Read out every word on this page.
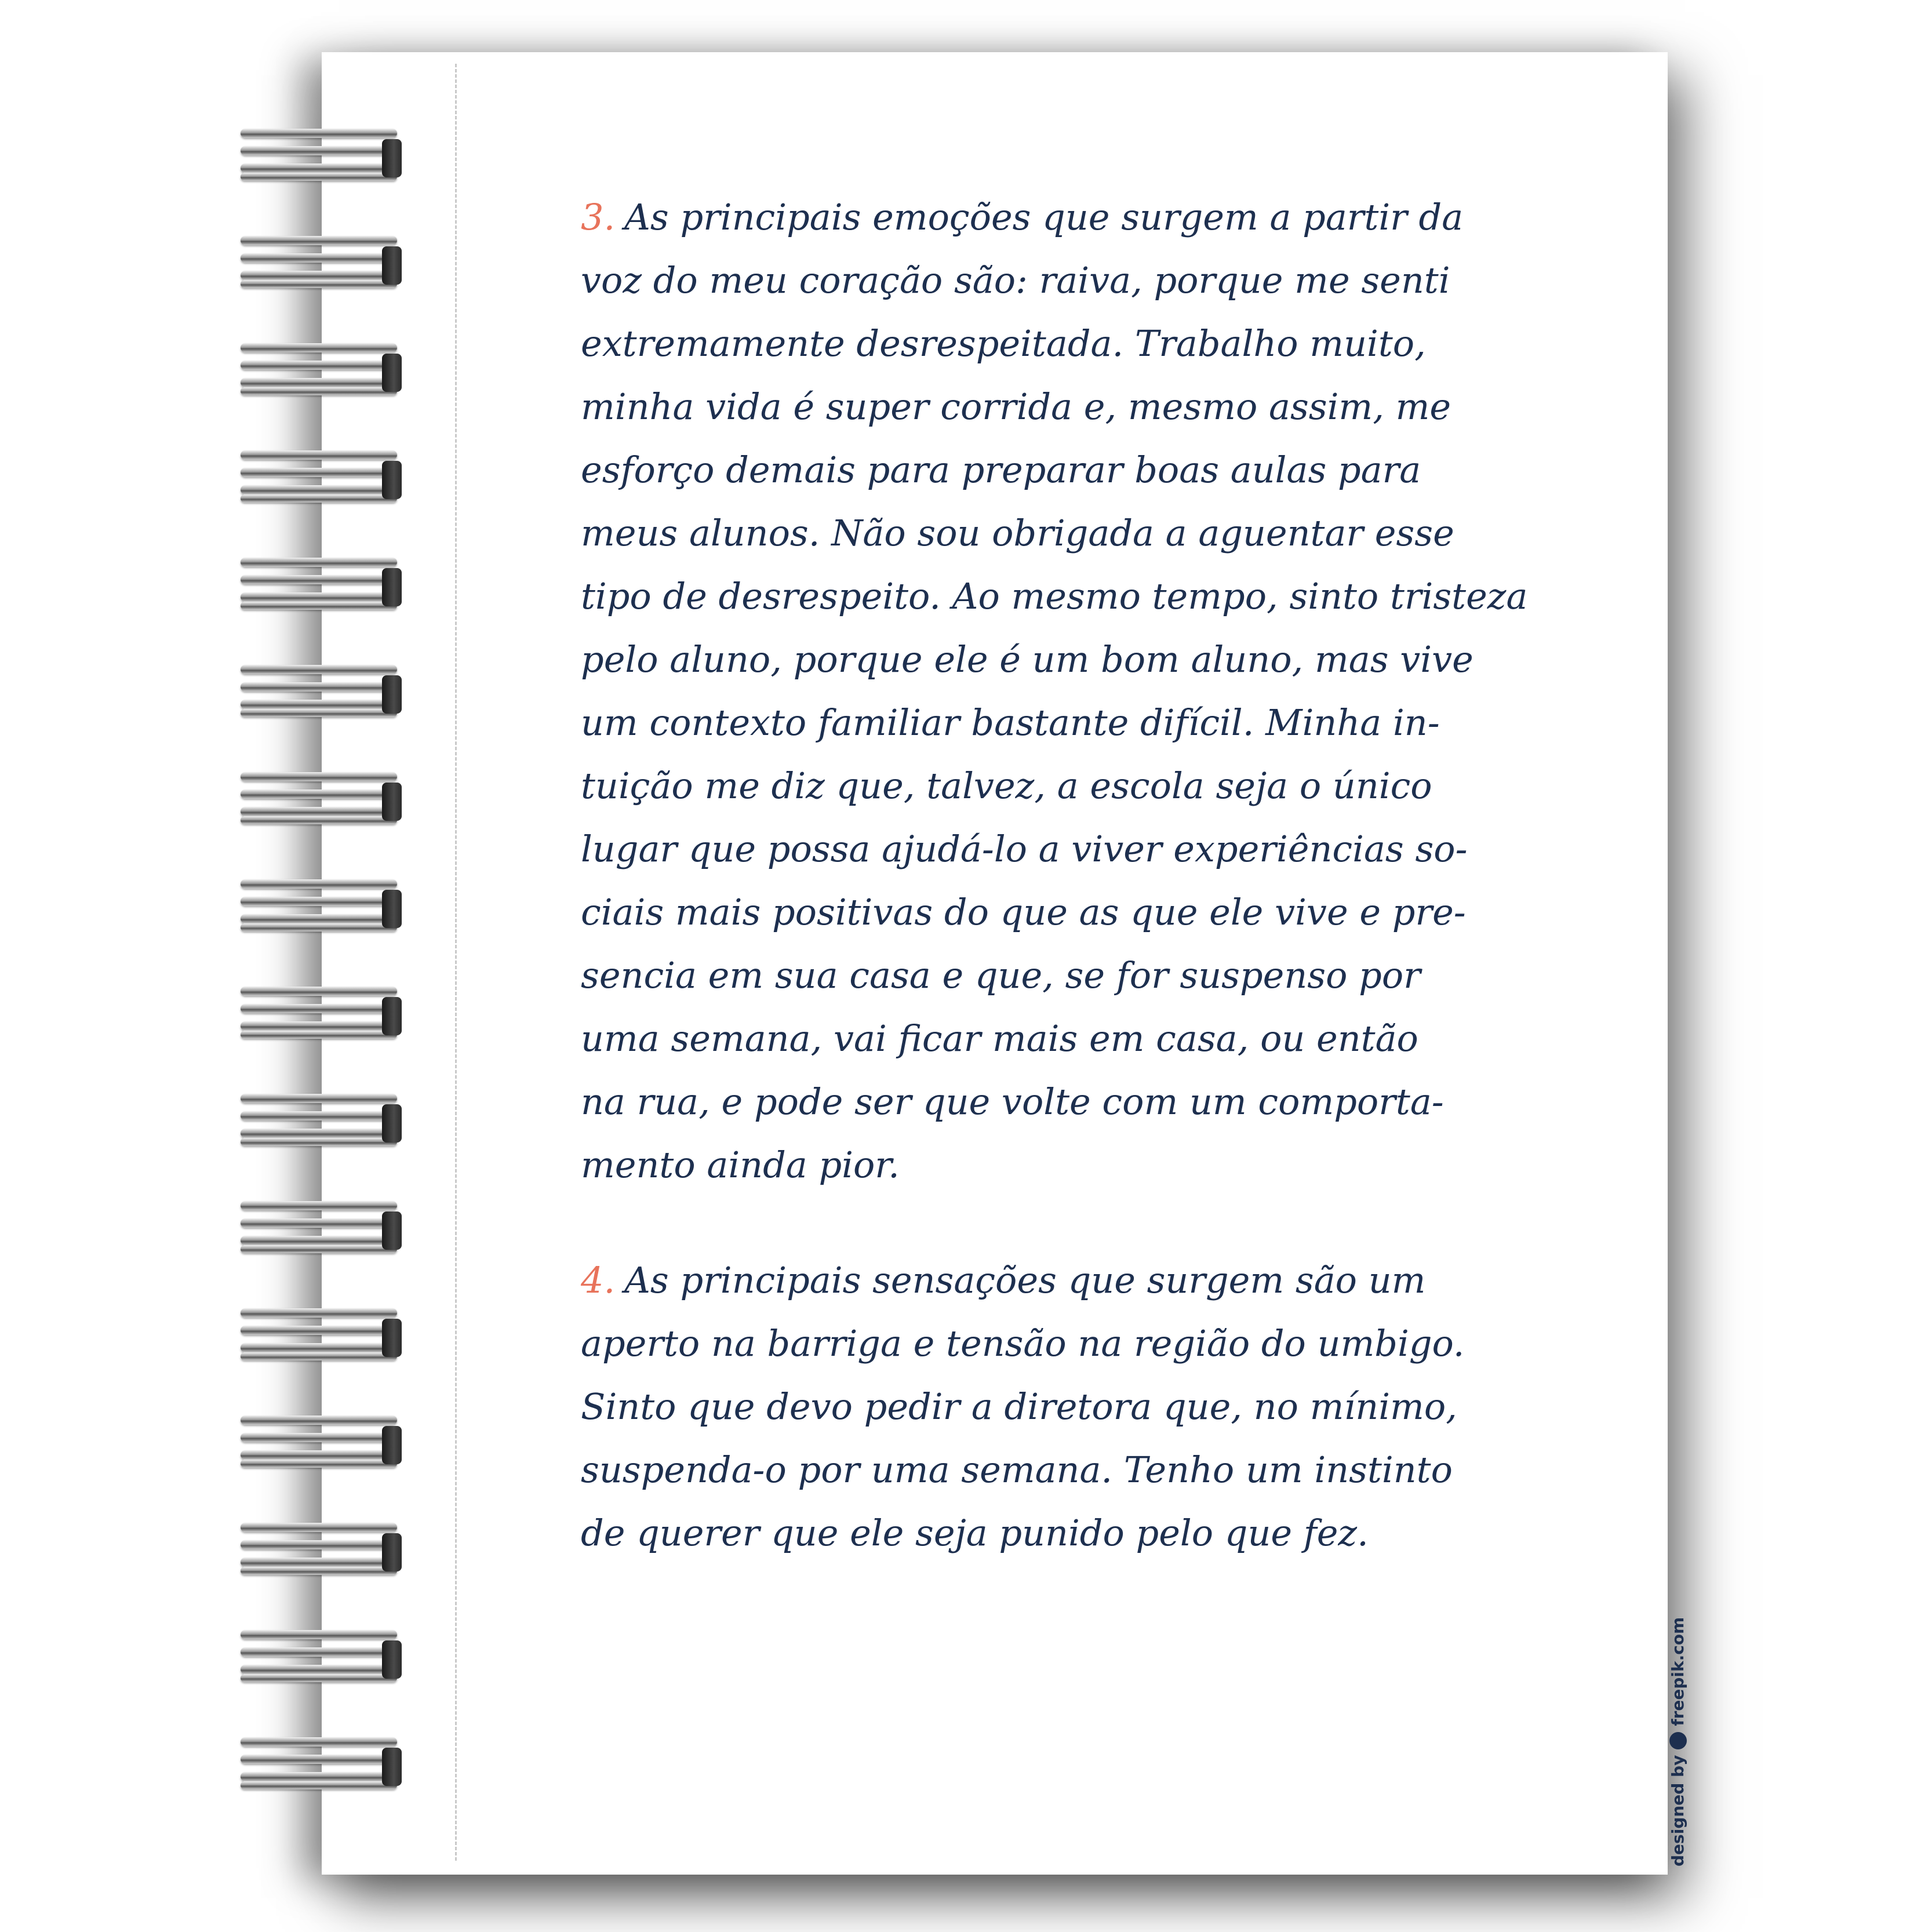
3. As principais emoções que surgem a partir da
voz do meu coração são: raiva, porque me senti
extremamente desrespeitada. Trabalho muito,
minha vida é super corrida e, mesmo assim, me
esforço demais para preparar boas aulas para
meus alunos. Não sou obrigada a aguentar esse
tipo de desrespeito. Ao mesmo tempo, sinto tristeza
pelo aluno, porque ele é um bom aluno, mas vive
um contexto familiar bastante difícil. Minha in-
tuição me diz que, talvez, a escola seja o único
lugar que possa ajudá-lo a viver experiências so-
ciais mais positivas do que as que ele vive e pre-
sencia em sua casa e que, se for suspenso por
uma semana, vai ficar mais em casa, ou então
na rua, e pode ser que volte com um comporta-
mento ainda pior.
4. As principais sensações que surgem são um
aperto na barriga e tensão na região do umbigo.
Sinto que devo pedir a diretora que, no mínimo,
suspenda-o por uma semana. Tenho um instinto
de querer que ele seja punido pelo que fez.
designed by
freepik.com
